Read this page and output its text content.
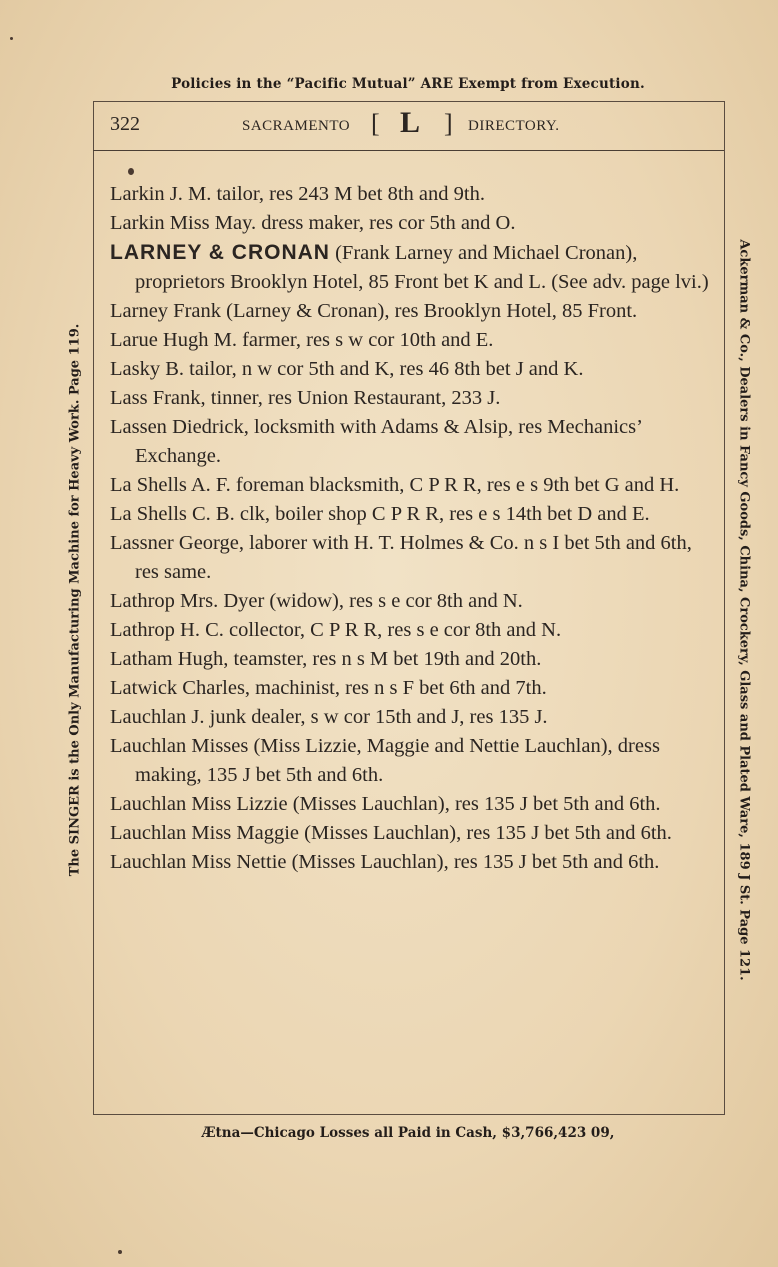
Policies in the “Pacific Mutual” ARE Exempt from Execution.
322	SACRAMENTO [ L ] DIRECTORY.
Larkin J. M. tailor, res 243 M bet 8th and 9th.
Larkin Miss May. dress maker, res cor 5th and O.
LARNEY & CRONAN (Frank Larney and Michael Cronan), proprietors Brooklyn Hotel, 85 Front bet K and L. (See adv. page lvi.)
Larney Frank (Larney & Cronan), res Brooklyn Hotel, 85 Front.
Larue Hugh M. farmer, res s w cor 10th and E.
Lasky B. tailor, n w cor 5th and K, res 46 8th bet J and K.
Lass Frank, tinner, res Union Restaurant, 233 J.
Lassen Diedrick, locksmith with Adams & Alsip, res Mechanics’ Exchange.
La Shells A. F. foreman blacksmith, C P R R, res e s 9th bet G and H.
La Shells C. B. clk, boiler shop C P R R, res e s 14th bet D and E.
Lassner George, laborer with H. T. Holmes & Co. n s I bet 5th and 6th, res same.
Lathrop Mrs. Dyer (widow), res s e cor 8th and N.
Lathrop H. C. collector, C P R R, res s e cor 8th and N.
Latham Hugh, teamster, res n s M bet 19th and 20th.
Latwick Charles, machinist, res n s F bet 6th and 7th.
Lauchlan J. junk dealer, s w cor 15th and J, res 135 J.
Lauchlan Misses (Miss Lizzie, Maggie and Nettie Lauchlan), dress making, 135 J bet 5th and 6th.
Lauchlan Miss Lizzie (Misses Lauchlan), res 135 J bet 5th and 6th.
Lauchlan Miss Maggie (Misses Lauchlan), res 135 J bet 5th and 6th.
Lauchlan Miss Nettie (Misses Lauchlan), res 135 J bet 5th and 6th.
Ætna—Chicago Losses all Paid in Cash, $3,766,423 09,
The SINGER is the Only Manufacturing Machine for Heavy Work. Page 119.	Ackerman & Co., Dealers in Fancy Goods, China, Crockery, Glass and Plated Ware, 189 J St. Page 121.
